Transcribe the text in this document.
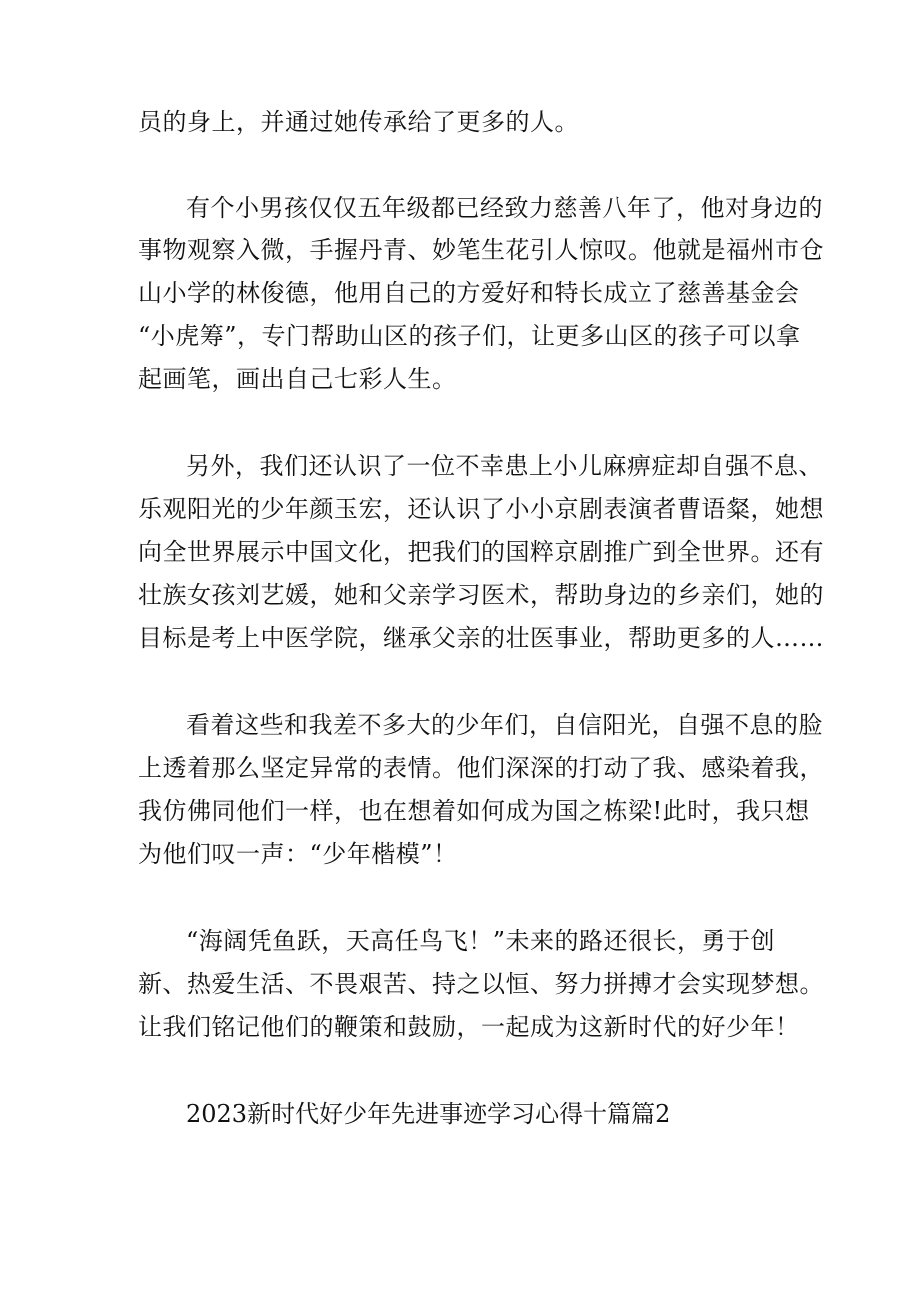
员的身上，并通过她传承给了更多的人。
有个小男孩仅仅五年级都已经致力慈善八年了，他对身边的
事物观察入微，手握丹青、妙笔生花引人惊叹。他就是福州市仓
山小学的林俊德，他用自己的方爱好和特长成立了慈善基金会
“小虎筹”，专门帮助山区的孩子们，让更多山区的孩子可以拿
起画笔，画出自己七彩人生。
另外，我们还认识了一位不幸患上小儿麻痹症却自强不息、
乐观阳光的少年颜玉宏，还认识了小小京剧表演者曹语粲，她想
向全世界展示中国文化，把我们的国粹京剧推广到全世界。还有
壮族女孩刘艺媛，她和父亲学习医术，帮助身边的乡亲们，她的
目标是考上中医学院，继承父亲的壮医事业，帮助更多的人……
看着这些和我差不多大的少年们，自信阳光，自强不息的脸
上透着那么坚定异常的表情。他们深深的打动了我、感染着我，
我仿佛同他们一样，也在想着如何成为国之栋梁!此时，我只想
为他们叹一声：“少年楷模”！
“海阔凭鱼跃，天高任鸟飞！”未来的路还很长，勇于创
新、热爱生活、不畏艰苦、持之以恒、努力拼搏才会实现梦想。
让我们铭记他们的鞭策和鼓励，一起成为这新时代的好少年！
2023新时代好少年先进事迹学习心得十篇篇2
